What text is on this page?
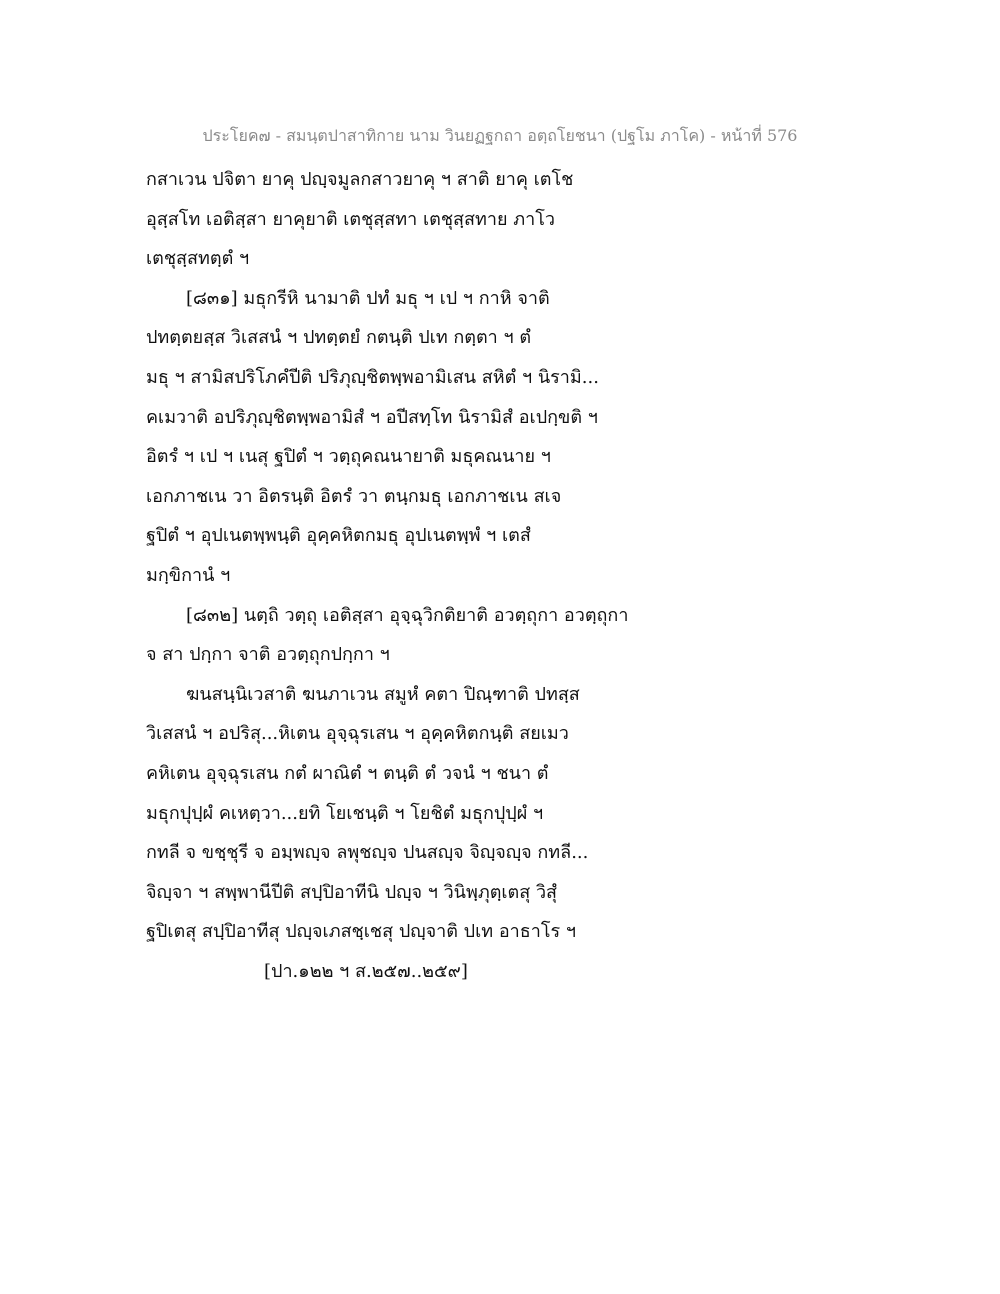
ประโยค๗ - สมนฺตปาสาทิกาย นาม วินยฏฐกถา อตฺถโยชนา (ปฐโม ภาโค) - หน้าที่ 576
กสาเวน ปจิตา ยาคุ ปญฺจมูลกสาวยาคุ ฯ สาติ ยาคุ เตโช
อุสฺสโท เอติสฺสา ยาคุยาติ เตชุสฺสทา เตชุสฺสทาย ภาโว
เตชุสฺสทตฺตํ ฯ
[๘๓๑] มธุกรีหิ นามาติ ปทํ มธุ ฯ เป ฯ กาหิ จาติ
ปทตฺตยสฺส วิเสสนํ ฯ ปทตฺตยํ กตนฺติ ปเท กตฺตา ฯ ตํ
มธุ ฯ สามิสปริโภคํปีติ ปริภุญฺชิตพฺพอามิเสน สหิตํ ฯ นิรามิ...
คเมวาติ อปริภุญฺชิตพฺพอามิสํ ฯ อปีสทฺโท นิรามิสํ อเปกฺขติ ฯ
อิตรํ ฯ เป ฯ เนสุ ฐปิตํ ฯ วตฺถุคณนายาติ มธุคณนาย ฯ
เอกภาชเน วา อิตรนฺติ อิตรํ วา ตนฺกมธุ เอกภาชเน สเจ
ฐปิตํ ฯ อุปเนตพฺพนฺติ อุคฺคหิตกมธุ อุปเนตพฺพํ ฯ เตสํ
มกฺขิกานํ ฯ
[๘๓๒] นตฺถิ วตฺถุ เอติสฺสา อุจฺฉุวิกติยาติ อวตฺถุกา อวตฺถุกา
จ สา ปกฺกา จาติ อวตฺถุกปกฺกา ฯ
ฆนสนฺนิเวสาติ ฆนภาเวน สมูหํ คตา ปิณฺฑาติ ปทสฺส
วิเสสนํ ฯ อปริสุ...หิเตน อุจฺฉุรเสน ฯ อุคฺคหิตกนฺติ สยเมว
คหิเตน อุจฺฉุรเสน กตํ ผาณิตํ ฯ ตนฺติ ตํ วจนํ ฯ ชนา ตํ
มธุกปุปฺผํ คเหตฺวา...ยทิ โยเชนฺติ ฯ โยชิตํ มธุกปุปฺผํ ฯ
กทลี จ ขชฺชุรี จ อมฺพญฺจ ลพุชญฺจ ปนสญฺจ จิญฺจญฺจ กทลี...
จิญฺจา ฯ สพฺพานีปีติ สปฺปิอาทีนิ ปญฺจ ฯ วินิพฺภุตฺเตสุ วิสุํ
ฐปิเตสุ สปฺปิอาทีสุ ปญฺจเภสชฺเชสุ ปญฺจาติ ปเท อาธาโร ฯ
[ปา.๑๒๒ ฯ ส.๒๕๗..๒๕๙]
